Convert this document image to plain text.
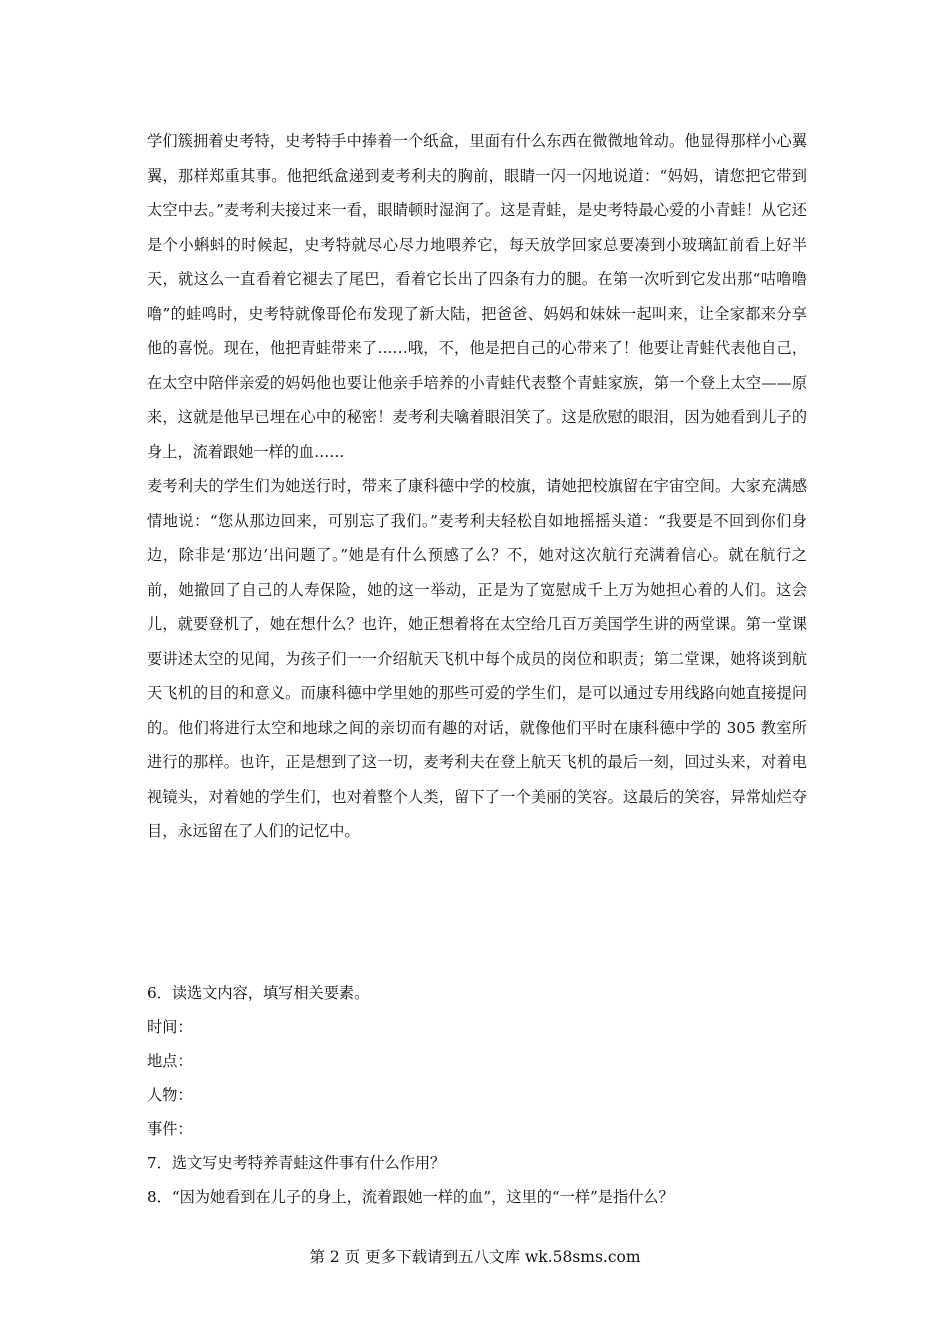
学们簇拥着史考特，史考特手中捧着一个纸盒，里面有什么东西在微微地耸动。他显得那样小心翼翼，那样郑重其事。他把纸盒递到麦考利夫的胸前，眼睛一闪一闪地说道：“妈妈，请您把它带到太空中去。”麦考利夫接过来一看，眼睛顿时湿润了。这是青蛙，是史考特最心爱的小青蛙！从它还是个小蝌蚪的时候起，史考特就尽心尽力地喂养它，每天放学回家总要凑到小玻璃缸前看上好半天，就这么一直看着它褪去了尾巴，看着它长出了四条有力的腿。在第一次听到它发出那“咕噜噜噜”的蛙鸣时，史考特就像哥伦布发现了新大陆，把爸爸、妈妈和妹妹一起叫来，让全家都来分享他的喜悦。现在，他把青蛙带来了……哦，不，他是把自己的心带来了！他要让青蛙代表他自己，在太空中陪伴亲爱的妈妈他也要让他亲手培养的小青蛙代表整个青蛙家族，第一个登上太空——原来，这就是他早已埋在心中的秘密！麦考利夫噙着眼泪笑了。这是欣慰的眼泪，因为她看到儿子的身上，流着跟她一样的血……

麦考利夫的学生们为她送行时，带来了康科德中学的校旗，请她把校旗留在宇宙空间。大家充满感情地说：“您从那边回来，可别忘了我们。”麦考利夫轻松自如地摇摇头道：“我要是不回到你们身边，除非是‘那边’出问题了。”她是有什么预感了么？不，她对这次航行充满着信心。就在航行之前，她撤回了自己的人寿保险，她的这一举动，正是为了宽慰成千上万为她担心着的人们。这会儿，就要登机了，她在想什么？也许，她正想着将在太空给几百万美国学生讲的两堂课。第一堂课要讲述太空的见闻，为孩子们一一介绍航天飞机中每个成员的岗位和职责；第二堂课，她将谈到航天飞机的目的和意义。而康科德中学里她的那些可爱的学生们，是可以通过专用线路向她直接提问的。他们将进行太空和地球之间的亲切而有趣的对话，就像他们平时在康科德中学的 305 教室所进行的那样。也许，正是想到了这一切，麦考利夫在登上航天飞机的最后一刻，回过头来，对着电视镜头，对着她的学生们，也对着整个人类，留下了一个美丽的笑容。这最后的笑容，异常灿烂夺目，永远留在了人们的记忆中。

6．读选文内容，填写相关要素。

时间：

地点：

人物：

事件：

7．选文写史考特养青蛙这件事有什么作用？

8．“因为她看到在儿子的身上，流着跟她一样的血”，这里的“一样”是指什么？

第 2 页 更多下载请到五八文库 wk.58sms.com
